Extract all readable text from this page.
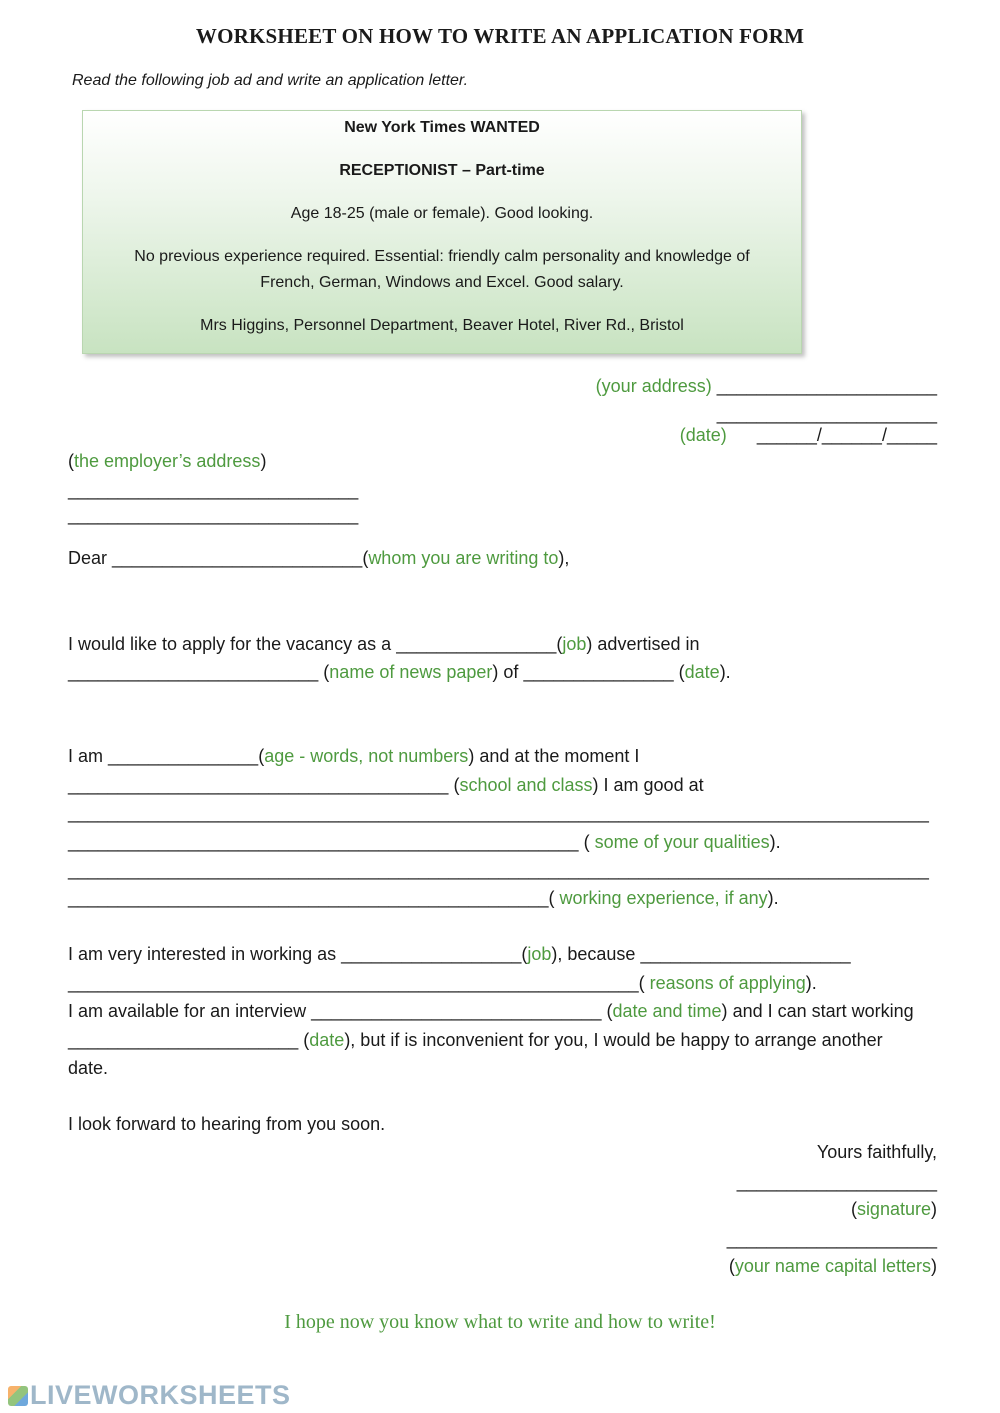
WORKSHEET ON HOW TO WRITE AN APPLICATION FORM
Read the following job ad and write an application letter.
New York Times WANTED
RECEPTIONIST – Part-time
Age 18-25 (male or female). Good looking.
No previous experience required. Essential: friendly calm personality and knowledge of
French, German, Windows and Excel. Good salary.
Mrs Higgins, Personnel Department, Beaver Hotel, River Rd., Bristol
(your address) ______________________
______________________
(date) ______/______/_____
(the employer’s address)
_____________________________
_____________________________
Dear _________________________(whom you are writing to),
I would like to apply for the vacancy as a ________________(job) advertised in
_________________________ (name of news paper) of _______________ (date).
I am _______________(age - words, not numbers) and at the moment I
______________________________________ (school and class) I am good at
______________________________________________________________________________________
___________________________________________________ ( some of your qualities).
______________________________________________________________________________________
________________________________________________( working experience, if any).
I am very interested in working as __________________(job), because _____________________
_________________________________________________________( reasons of applying).
I am available for an interview _____________________________ (date and time) and I can start working
_______________________ (date), but if is inconvenient for you, I would be happy to arrange another
date.
I look forward to hearing from you soon.
Yours faithfully,
____________________
(signature)
_____________________
(your name capital letters)
I hope now you know what to write and how to write!
LIVEWORKSHEETS
